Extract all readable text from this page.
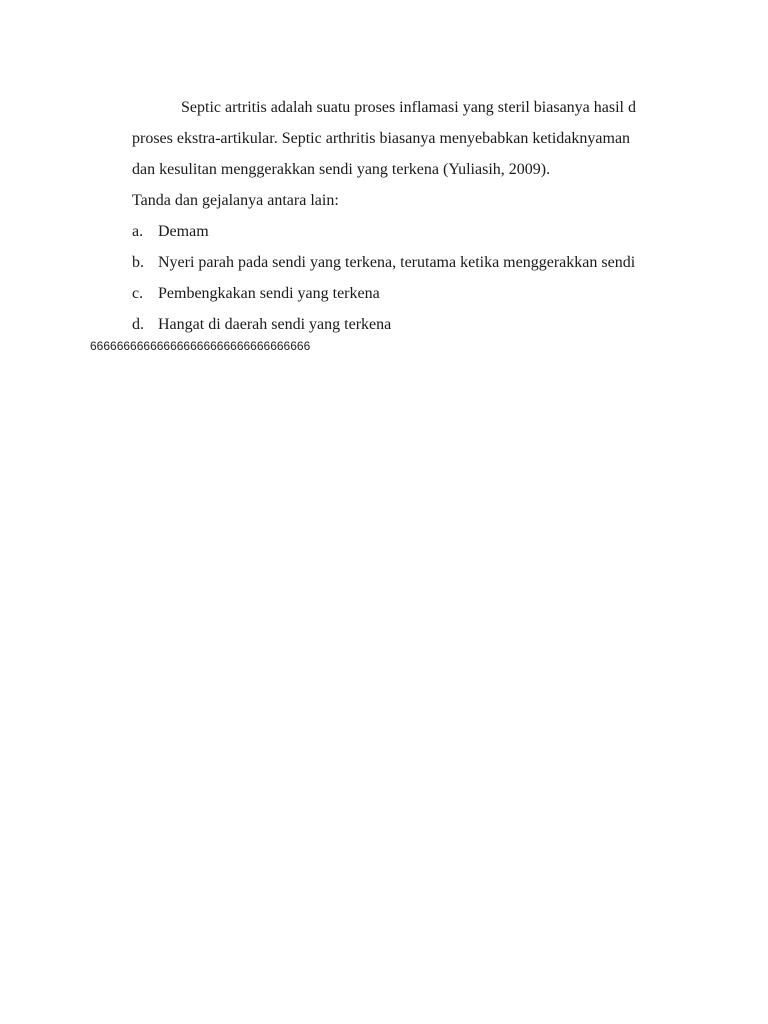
Septic artritis adalah suatu proses inflamasi yang steril biasanya hasil d
proses ekstra-artikular. Septic arthritis biasanya menyebabkan ketidaknyaman
dan kesulitan menggerakkan sendi yang terkena (Yuliasih, 2009).
Tanda dan gejalanya antara lain:
a. Demam
b. Nyeri parah pada sendi yang terkena, terutama ketika menggerakkan sendi
c. Pembengkakan sendi yang terkena
d. Hangat di daerah sendi yang terkena
666666666666666666666666666666666
